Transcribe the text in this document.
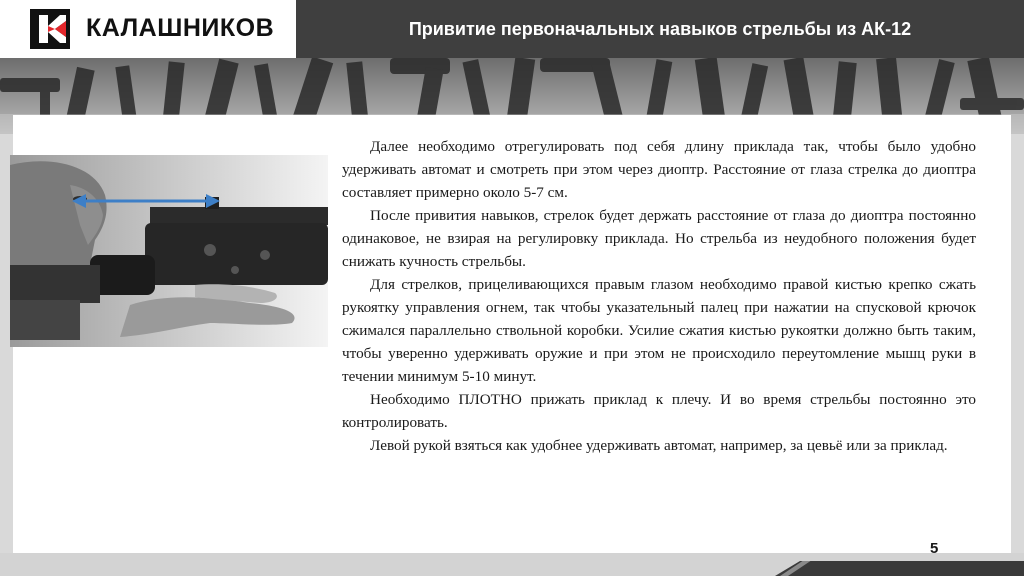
КАЛАШНИКОВ	Привитие первоначальных навыков стрельбы из АК-12

Далее необходимо отрегулировать под себя длину приклада так, чтобы было удобно удерживать автомат и смотреть при этом через диоптр. Расстояние от глаза стрелка до диоптра составляет примерно около 5-7 см.

После привития навыков, стрелок будет держать расстояние от глаза до диоптра постоянно одинаковое, не взирая на регулировку приклада. Но стрельба из неудобного положения будет снижать кучность стрельбы.

Для стрелков, прицеливающихся правым глазом необходимо правой кистью крепко сжать рукоятку управления огнем, так чтобы указательный палец при нажатии на спусковой крючок сжимался параллельно ствольной коробки. Усилие сжатия кистью рукоятки должно быть таким, чтобы уверенно удерживать оружие и при этом не происходило переутомление мышц руки в течении минимум 5-10 минут.

Необходимо ПЛОТНО прижать приклад к плечу. И во время стрельбы постоянно это контролировать.

Левой рукой взяться как удобнее удерживать автомат, например, за цевьё или за приклад.

5
